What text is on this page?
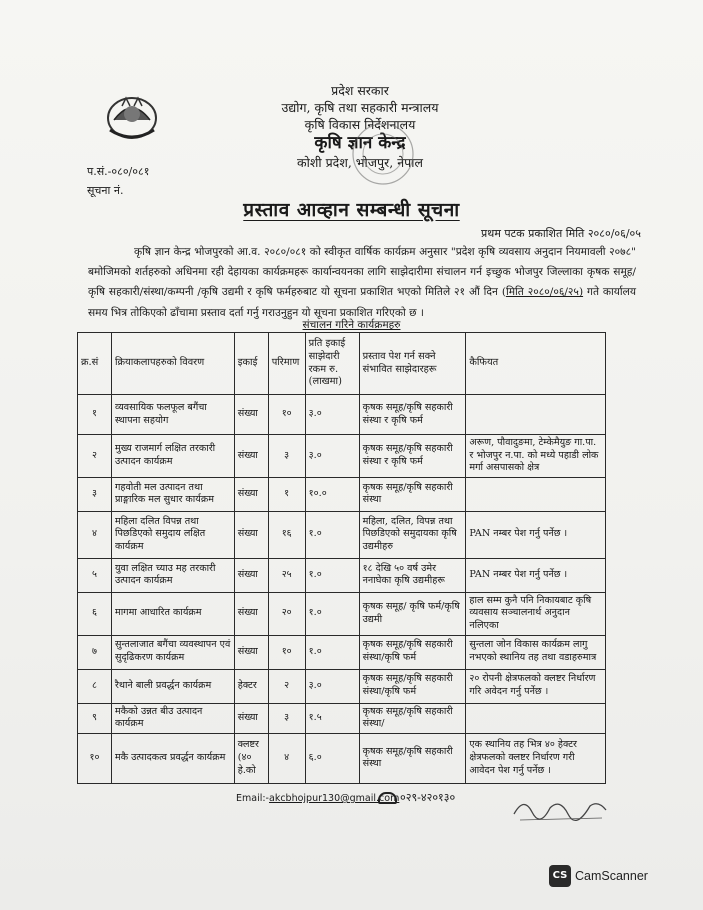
प्रदेश सरकार
उद्योग, कृषि तथा सहकारी मन्त्रालय
कृषि विकास निर्देशनालय
कृषि ज्ञान केन्द्र
कोशी प्रदेश, भोजपुर, नेपाल
प.सं.-०८०/०८१
सूचना नं.
प्रस्ताव आव्हान सम्बन्धी सूचना
प्रथम पटक प्रकाशित मिति २०८०/०६/०५
कृषि ज्ञान केन्द्र भोजपुरको आ.व. २०८०/०८१ को स्वीकृत वार्षिक कार्यक्रम अनुसार "प्रदेश कृषि व्यवसाय अनुदान नियमावली २०७८" बमोजिमको शर्तहरुको अधिनमा रही देहायका कार्यक्रमहरू कार्यान्वयनका लागि साझेदारीमा संचालन गर्न इच्छुक भोजपुर जिल्लाका कृषक समूह/कृषि सहकारी/संस्था/कम्पनी /कृषि उद्यमी र कृषि फर्महरुबाट यो सूचना प्रकाशित भएको मितिले २१ औं दिन (मिति २०८०/०६/२५) गते कार्यालय समय भित्र तोकिएको ढाँचामा प्रस्ताव दर्ता गर्नु गराउनुहुन यो सूचना प्रकाशित गरिएको छ ।
संचालन गरिने कार्यक्रमहरु
क्र.सं	क्रियाकलापहरुको विवरण	इकाई	परिमाण	प्रति इकाई साझेदारी रकम रु. (लाखमा)	प्रस्ताव पेश गर्न सक्ने संभावित साझेदारहरू	कैफियत
१	व्यवसायिक फलफूल बगैंचा स्थापना सहयोग	संख्या	१०	३.०	कृषक समूह/कृषि सहकारी संस्था र कृषि फर्म	
२	मुख्य राजमार्ग लक्षित तरकारी उत्पादन कार्यक्रम	संख्या	३	३.०	कृषक समूह/कृषि सहकारी संस्था र कृषि फर्म	अरूण, पौवादुङमा, टेम्केमैयुङ गा.पा. र भोजपुर न.पा. को मध्ये पहाडी लोक मर्गा असपासको क्षेत्र
३	गहवोती मल उत्पादन तथा प्राङ्गारिक मल सुधार कार्यक्रम	संख्या	१	१०.०	कृषक समूह/कृषि सहकारी संस्था	
४	महिला दलित विपन्न तथा पिछडिएको समुदाय लक्षित कार्यक्रम	संख्या	१६	१.०	महिला, दलित, विपन्न तथा पिछडिएको समुदायका कृषि उद्यमीहरु	PAN नम्बर पेश गर्नु पर्नेछ ।
५	युवा लक्षित च्याउ मह तरकारी उत्पादन कार्यक्रम	संख्या	२५	१.०	१८ देखि ५० वर्ष उमेर ननाघेका कृषि उद्यमीहरू	PAN नम्बर पेश गर्नु पर्नेछ ।
६	मागमा आधारित कार्यक्रम	संख्या	२०	१.०	कृषक समूह/ कृषि फर्म/कृषि उद्यमी	हाल सम्म कुनै पनि निकायबाट कृषि व्यवसाय सञ्चालनार्थ अनुदान नलिएका
७	सुन्तलाजात बगैंचा व्यवस्थापन एवं सुदृढिकरण कार्यक्रम	संख्या	१०	१.०	कृषक समूह/कृषि सहकारी संस्था/कृषि फर्म	सुन्तला जोन विकास कार्यक्रम लागु नभएको स्थानिय तह तथा वडाहरुमात्र
८	रैथाने बाली प्रवर्द्धन कार्यक्रम	हेक्टर	२	३.०	कृषक समूह/कृषि सहकारी संस्था/कृषि फर्म	२० रोपनी क्षेत्रफलको क्लष्टर निर्धारण गरि अवेदन गर्नु पर्नेछ ।
९	मकैको उन्नत बीउ उत्पादन कार्यक्रम	संख्या	३	१.५	कृषक समूह/कृषि सहकारी संस्था/	
१०	मकै उत्पादकत्व प्रवर्द्धन कार्यक्रम	क्लष्टर (४० हे.को	४	६.०	कृषक समूह/कृषि सहकारी संस्था	एक स्थानिय तह भित्र ४० हेक्टर क्षेत्रफलको क्लष्टर निर्धारण गरी आवेदन पेश गर्नु पर्नेछ ।
Email:-akcbhojpur130@gmail.com ०२९-४२०१३०
CS CamScanner
